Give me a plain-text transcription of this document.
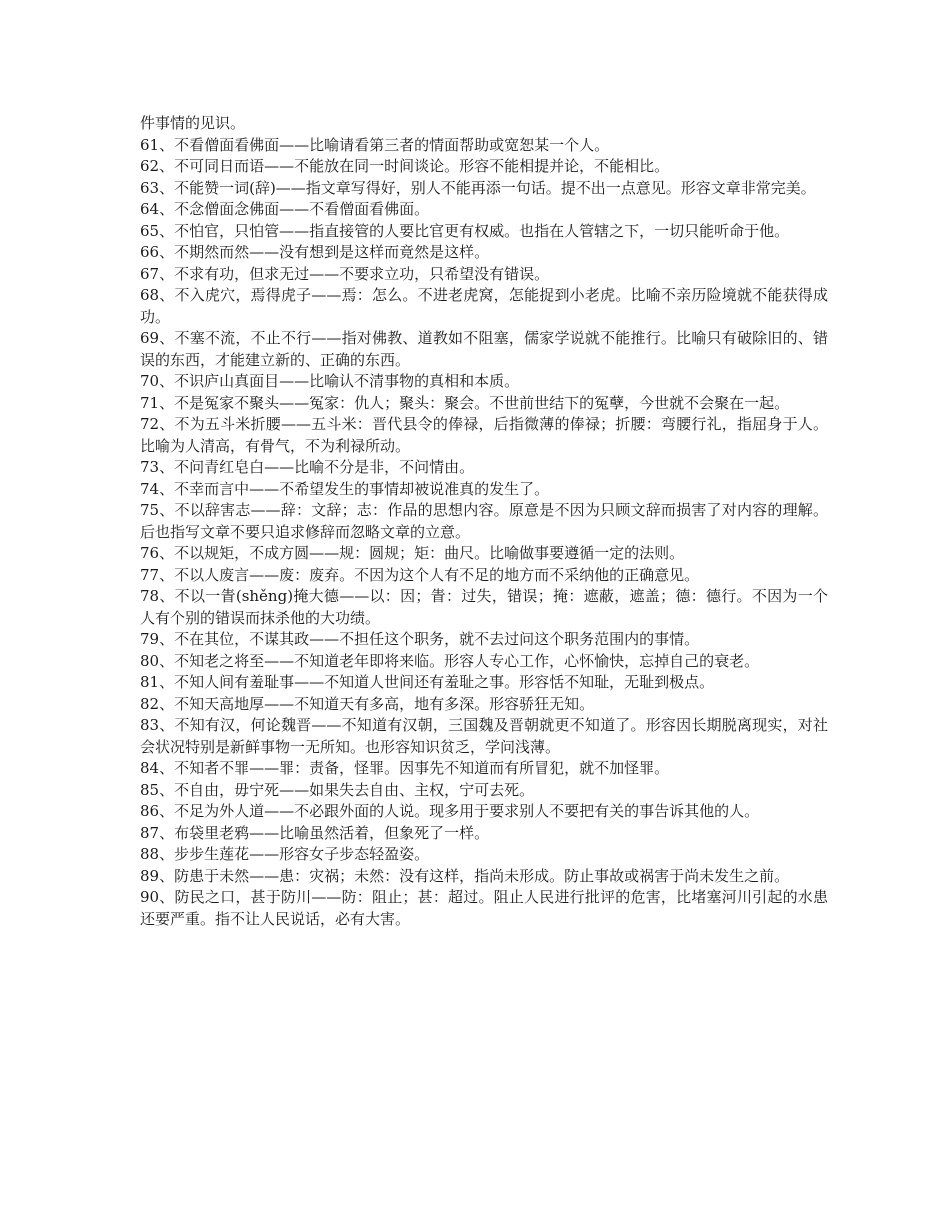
件事情的见识。

61、不看僧面看佛面——比喻请看第三者的情面帮助或宽恕某一个人。

62、不可同日而语——不能放在同一时间谈论。形容不能相提并论，不能相比。

63、不能赞一词(辞)——指文章写得好，别人不能再添一句话。提不出一点意见。形容文章非常完美。

64、不念僧面念佛面——不看僧面看佛面。

65、不怕官，只怕管——指直接管的人要比官更有权威。也指在人管辖之下，一切只能听命于他。

66、不期然而然——没有想到是这样而竟然是这样。

67、不求有功，但求无过——不要求立功，只希望没有错误。

68、不入虎穴，焉得虎子——焉：怎么。不进老虎窝，怎能捉到小老虎。比喻不亲历险境就不能获得成功。

69、不塞不流，不止不行——指对佛教、道教如不阻塞，儒家学说就不能推行。比喻只有破除旧的、错误的东西，才能建立新的、正确的东西。

70、不识庐山真面目——比喻认不清事物的真相和本质。

71、不是冤家不聚头——冤家：仇人；聚头：聚会。不世前世结下的冤孽，今世就不会聚在一起。

72、不为五斗米折腰——五斗米：晋代县令的俸禄，后指微薄的俸禄；折腰：弯腰行礼，指屈身于人。比喻为人清高，有骨气，不为利禄所动。

73、不问青红皂白——比喻不分是非，不问情由。

74、不幸而言中——不希望发生的事情却被说准真的发生了。

75、不以辞害志——辞：文辞；志：作品的思想内容。原意是不因为只顾文辞而损害了对内容的理解。后也指写文章不要只追求修辞而忽略文章的立意。

76、不以规矩，不成方圆——规：圆规；矩：曲尺。比喻做事要遵循一定的法则。

77、不以人废言——废：废弃。不因为这个人有不足的地方而不采纳他的正确意见。

78、不以一眚(shěng)掩大德——以：因；眚：过失，错误；掩：遮蔽，遮盖；德：德行。不因为一个人有个别的错误而抹杀他的大功绩。

79、不在其位，不谋其政——不担任这个职务，就不去过问这个职务范围内的事情。

80、不知老之将至——不知道老年即将来临。形容人专心工作，心怀愉快，忘掉自己的衰老。

81、不知人间有羞耻事——不知道人世间还有羞耻之事。形容恬不知耻，无耻到极点。

82、不知天高地厚——不知道天有多高，地有多深。形容骄狂无知。

83、不知有汉，何论魏晋——不知道有汉朝，三国魏及晋朝就更不知道了。形容因长期脱离现实，对社会状况特别是新鲜事物一无所知。也形容知识贫乏，学问浅薄。

84、不知者不罪——罪：责备，怪罪。因事先不知道而有所冒犯，就不加怪罪。

85、不自由，毋宁死——如果失去自由、主权，宁可去死。

86、不足为外人道——不必跟外面的人说。现多用于要求别人不要把有关的事告诉其他的人。

87、布袋里老鸦——比喻虽然活着，但象死了一样。

88、步步生莲花——形容女子步态轻盈姿。

89、防患于未然——患：灾祸；未然：没有这样，指尚未形成。防止事故或祸害于尚未发生之前。

90、防民之口，甚于防川——防：阻止；甚：超过。阻止人民进行批评的危害，比堵塞河川引起的水患还要严重。指不让人民说话，必有大害。
